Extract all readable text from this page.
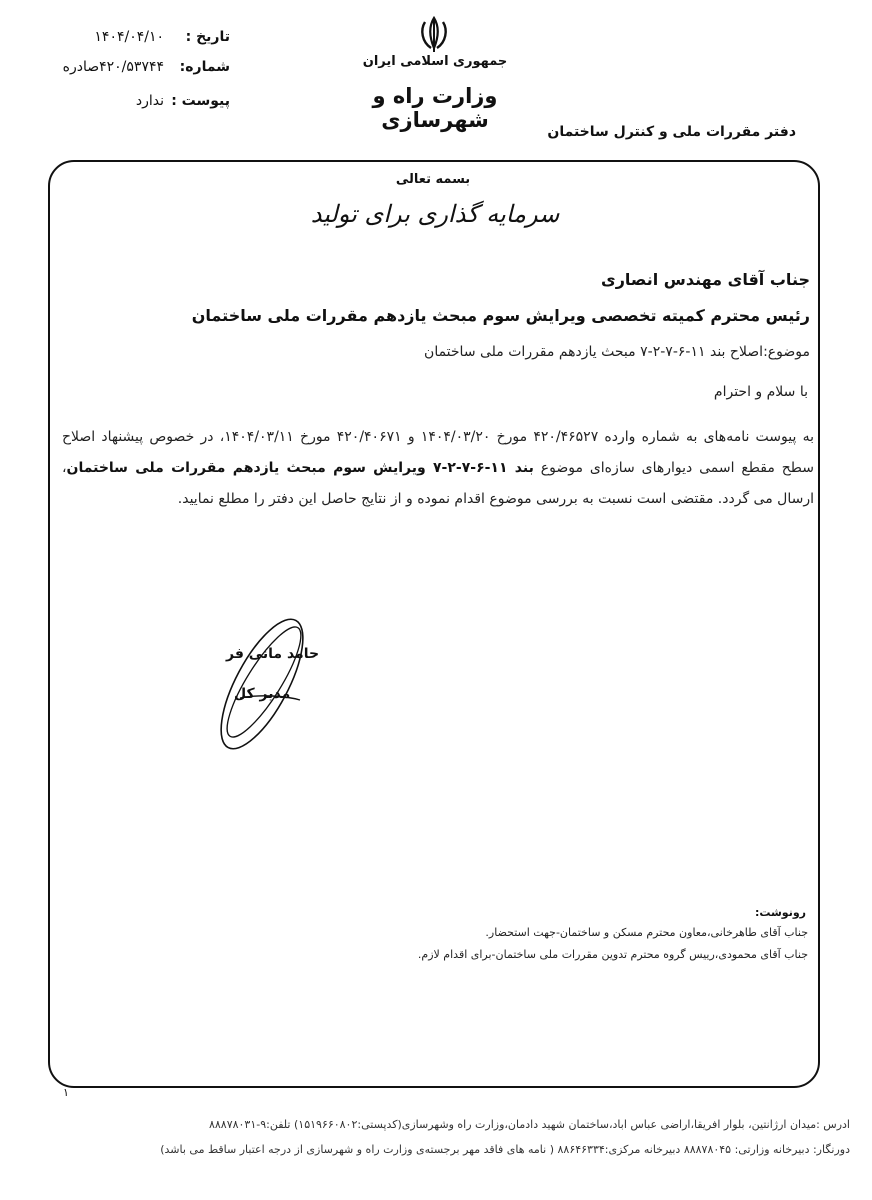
جمهوری اسلامی ایران
وزارت راه و شهرسازی	دفتر مقررات ملی و کنترل ساختمان
تاریخ :
۱۴۰۴/۰۴/۱۰
شماره:
۴۲۰/۵۳۷۴۴صادره
پیوست :
ندارد
بسمه تعالی
سرمایه گذاری برای تولید
جناب آقای مهندس انصاری
رئیس محترم کمیته تخصصی ویرایش سوم مبحث یازدهم مقررات ملی ساختمان
موضوع:اصلاح بند ۱۱-۶-۷-۲-۷ مبحث یازدهم مقررات ملی ساختمان
با سلام و احترام
به پیوست نامه‌های به شماره وارده ۴۲۰/۴۶۵۲۷ مورخ ۱۴۰۴/۰۳/۲۰ و ۴۲۰/۴۰۶۷۱ مورخ ۱۴۰۴/۰۳/۱۱، در خصوص پیشنهاد اصلاح سطح مقطع اسمی دیوارهای سازه‌ای موضوع بند ۱۱-۶-۷-۲-۷ ویرایش سوم مبحث یازدهم مقررات ملی ساختمان، ارسال می گردد. مقتضی است نسبت به بررسی موضوع اقدام نموده و از نتایج حاصل این دفتر را مطلع نمایید.
حامد مانی فر
مدیر کل
رونوشت:
جناب آقای طاهرخانی،معاون محترم مسکن و ساختمان-جهت استحضار.
جناب آقای محمودی،رییس گروه محترم تدوین مقررات ملی ساختمان-برای اقدام لازم.
۱
ادرس :میدان ارژانتین، بلوار افریقا،اراضی عباس اباد،ساختمان شهید دادمان،وزارت راه وشهرسازی(کدپستی:۱۵۱۹۶۶۰۸۰۲) تلفن:۹-۸۸۸۷۸۰۳۱
دورنگار: دبیرخانه وزارتی: ۸۸۸۷۸۰۴۵ دبیرخانه مرکزی:۸۸۶۴۶۳۳۴ ( نامه های فاقد مهر برجسته‌ی وزارت راه و شهرسازی از درجه اعتبار ساقط می باشد)
